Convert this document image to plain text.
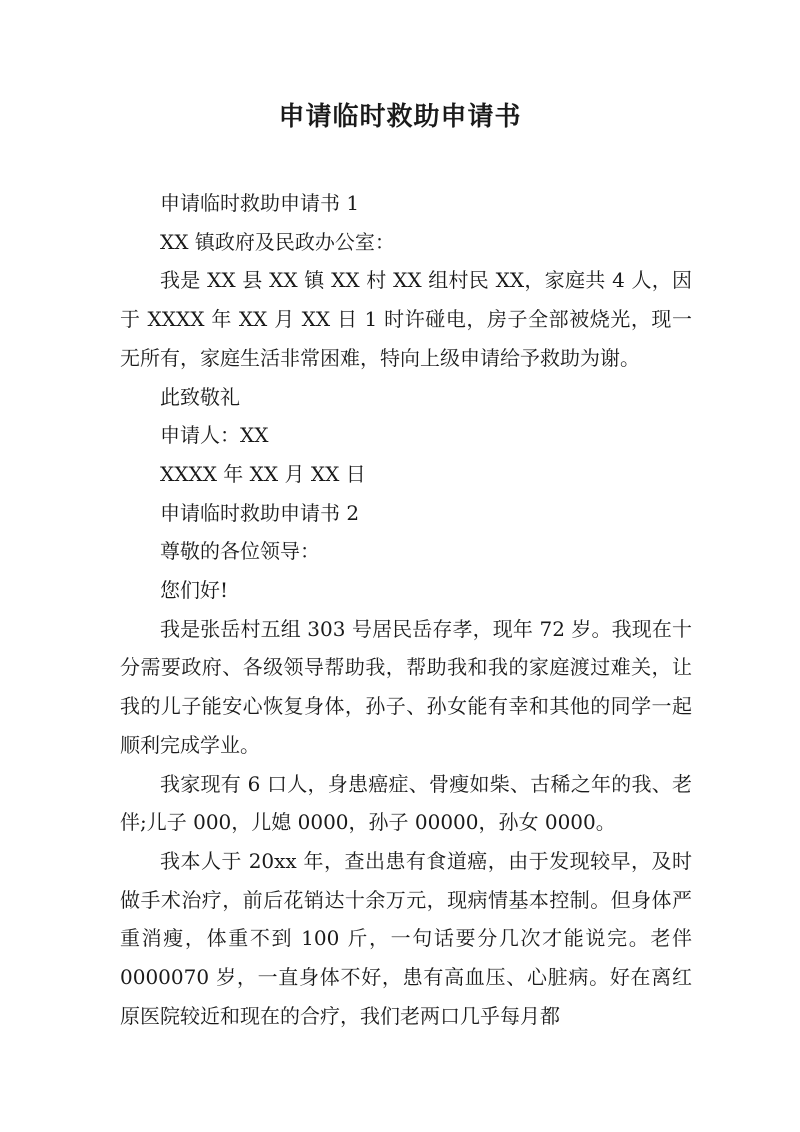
申请临时救助申请书

申请临时救助申请书 1

XX 镇政府及民政办公室：

我是 XX 县 XX 镇 XX 村 XX 组村民 XX，家庭共 4 人，因于 XXXX 年 XX 月 XX 日 1 时许碰电，房子全部被烧光，现一无所有，家庭生活非常困难，特向上级申请给予救助为谢。

此致敬礼

申请人：XX

XXXX 年 XX 月 XX 日

申请临时救助申请书 2

尊敬的各位领导：

您们好!

我是张岳村五组 303 号居民岳存孝，现年 72 岁。我现在十分需要政府、各级领导帮助我，帮助我和我的家庭渡过难关，让我的儿子能安心恢复身体，孙子、孙女能有幸和其他的同学一起顺利完成学业。

我家现有 6 口人，身患癌症、骨瘦如柴、古稀之年的我、老伴;儿子 000，儿媳 0000，孙子 00000，孙女 0000。

我本人于 20xx 年，查出患有食道癌，由于发现较早，及时做手术治疗，前后花销达十余万元，现病情基本控制。但身体严重消瘦，体重不到 100 斤，一句话要分几次才能说完。老伴 0000070 岁，一直身体不好，患有高血压、心脏病。好在离红原医院较近和现在的合疗，我们老两口几乎每月都
